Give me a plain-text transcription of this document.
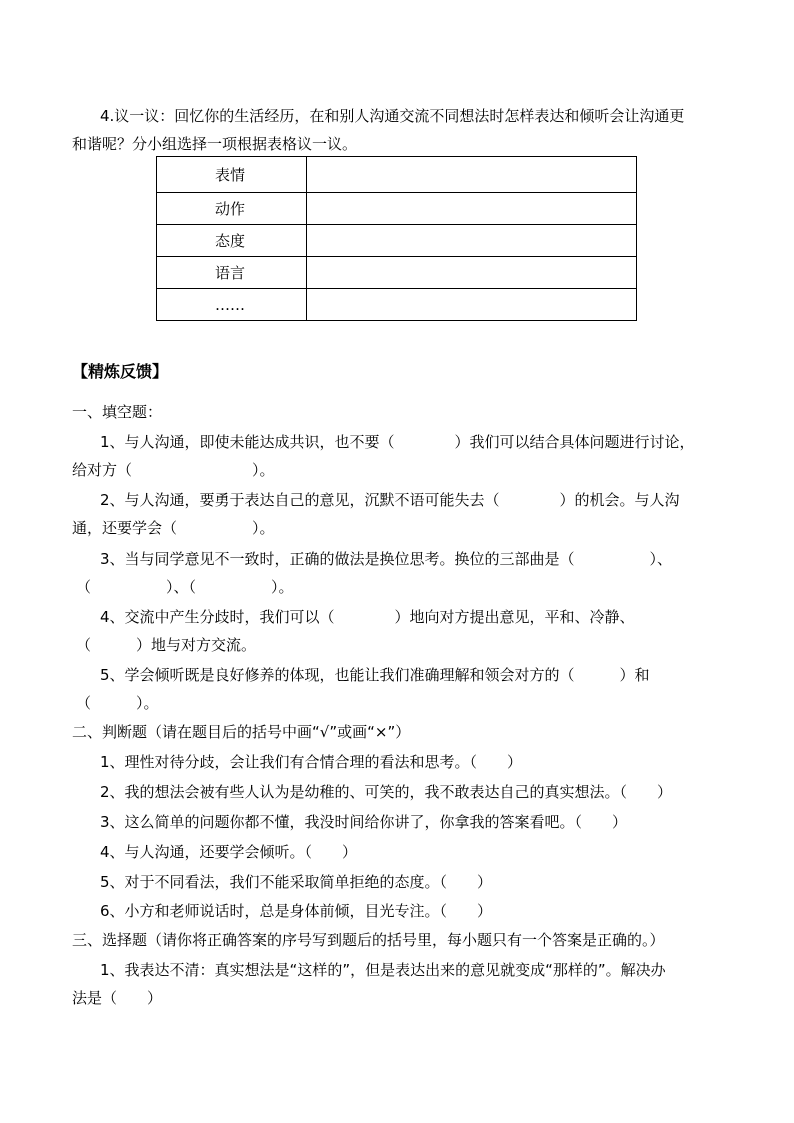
4.议一议：回忆你的生活经历，在和别人沟通交流不同想法时怎样表达和倾听会让沟通更
和谐呢？分小组选择一项根据表格议一议。
表情	
动作	
态度	
语言	
……	
【精炼反馈】
一、填空题：
1、与人沟通，即使未能达成共识，也不要（　　　　）我们可以结合具体问题进行讨论，
给对方（　　　　　　　　）。
2、与人沟通，要勇于表达自己的意见，沉默不语可能失去（　　　　）的机会。与人沟
通，还要学会（　　　　　）。
3、当与同学意见不一致时，正确的做法是换位思考。换位的三部曲是（　　　　　）、
（　　　　　）、（　　　　　）。
4、交流中产生分歧时，我们可以（　　　　）地向对方提出意见，平和、冷静、
（　　　）地与对方交流。
5、学会倾听既是良好修养的体现，也能让我们准确理解和领会对方的（　　　）和
（　　　）。
二、判断题（请在题目后的括号中画“√”或画“×”）
1、理性对待分歧，会让我们有合情合理的看法和思考。（　　）
2、我的想法会被有些人认为是幼稚的、可笑的，我不敢表达自己的真实想法。（　　）
3、这么简单的问题你都不懂，我没时间给你讲了，你拿我的答案看吧。（　　）
4、与人沟通，还要学会倾听。（　　）
5、对于不同看法，我们不能采取简单拒绝的态度。（　　）
6、小方和老师说话时，总是身体前倾，目光专注。（　　）
三、选择题（请你将正确答案的序号写到题后的括号里，每小题只有一个答案是正确的。）
1、我表达不清：真实想法是“这样的”，但是表达出来的意见就变成“那样的”。解决办
法是（　　）
